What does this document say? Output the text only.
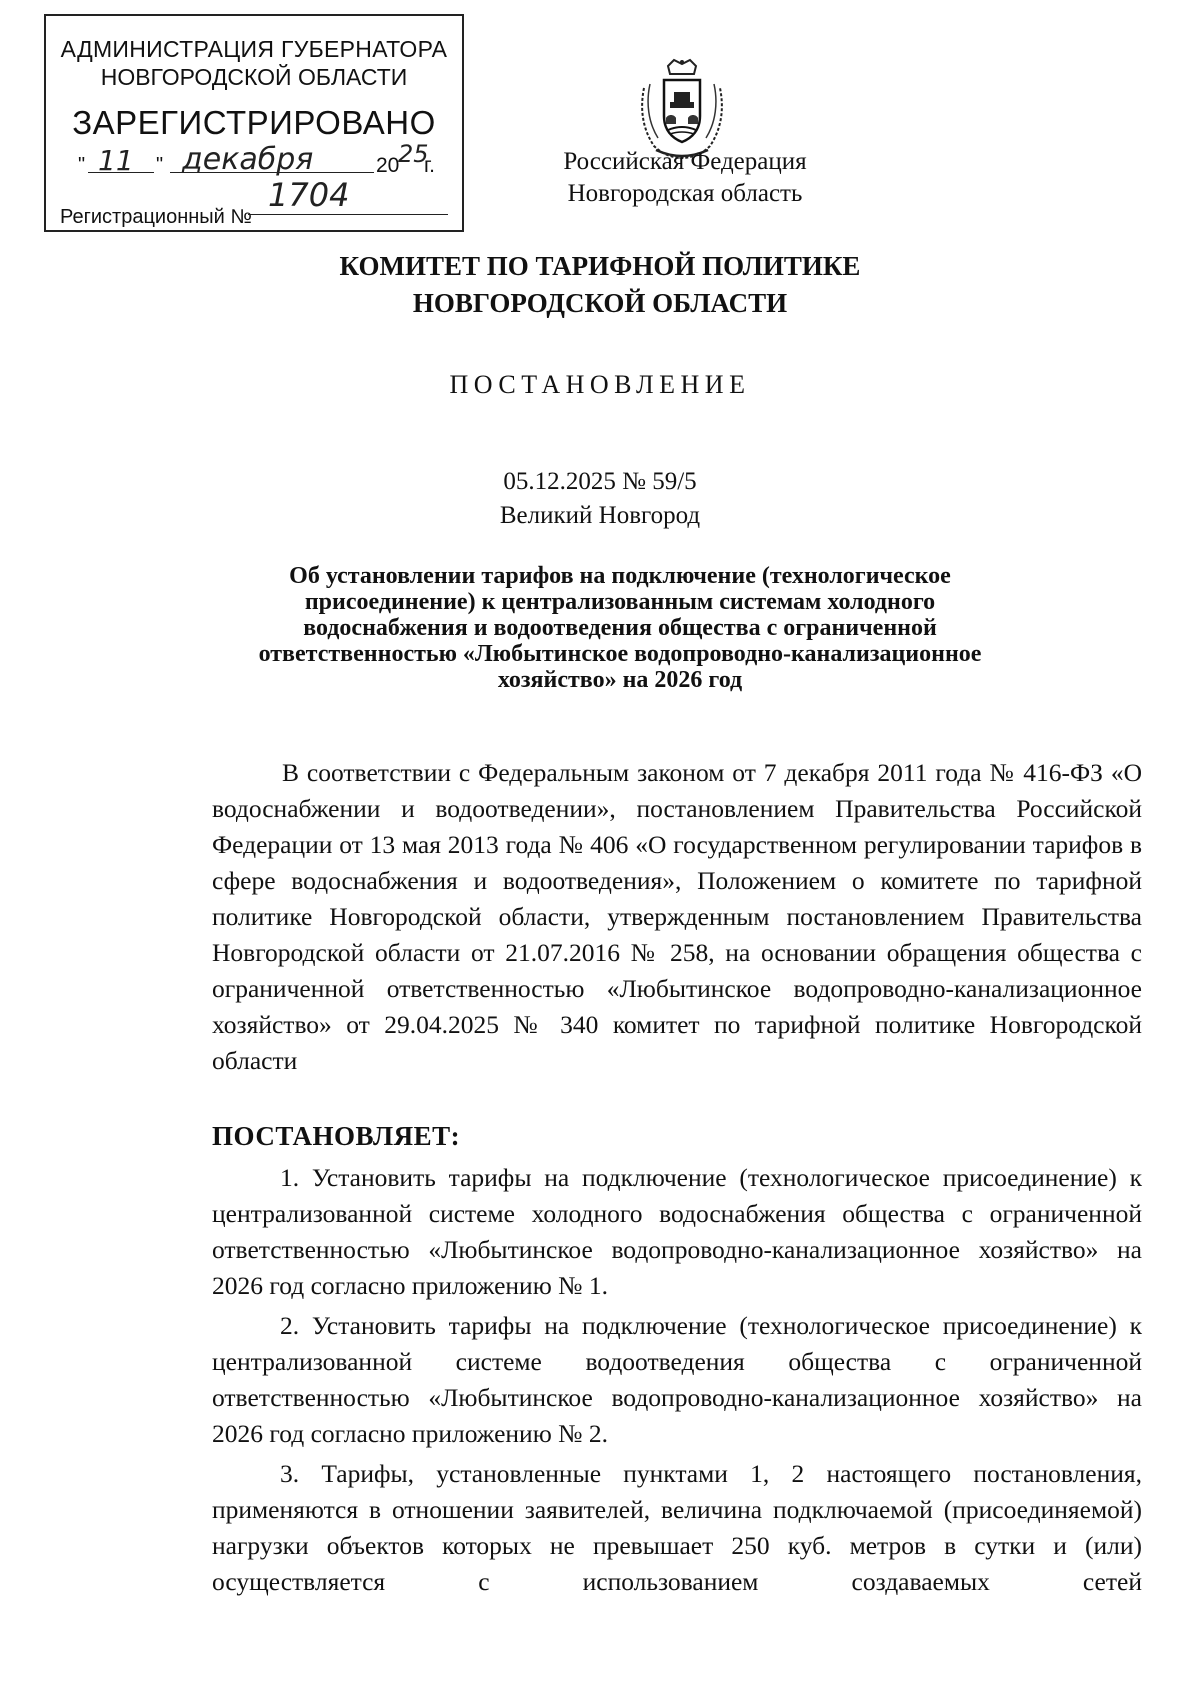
АДМИНИСТРАЦИЯ ГУБЕРНАТОРА
НОВГОРОДСКОЙ ОБЛАСТИ
ЗАРЕГИСТРИРОВАНО
" 11 " декабря	20
25
г.
Регистрационный №
1704
Российская Федерация
Новгородская область
КОМИТЕТ ПО ТАРИФНОЙ ПОЛИТИКЕ НОВГОРОДСКОЙ ОБЛАСТИ
ПОСТАНОВЛЕНИЕ
05.12.2025 № 59/5
Великий Новгород
Об установлении тарифов на подключение (технологическое присоединение) к централизованным системам холодного водоснабжения и водоотведения общества с ограниченной ответственностью «Любытинское водопроводно-канализационное хозяйство» на 2026 год

В соответствии с Федеральным законом от 7 декабря 2011 года № 416-ФЗ «О водоснабжении и водоотведении», постановлением Правительства Российской Федерации от 13 мая 2013 года № 406 «О государственном регулировании тарифов в сфере водоснабжения и водоотведения», Положением о комитете по тарифной политике Новгородской области, утвержденным постановлением Правительства Новгородской области от 21.07.2016 № 258, на основании обращения общества с ограниченной ответственностью «Любытинское водопроводно-канализационное хозяйство» от 29.04.2025 № 340 комитет по тарифной политике Новгородской области

ПОСТАНОВЛЯЕТ:

1. Установить тарифы на подключение (технологическое присоединение) к централизованной системе холодного водоснабжения общества с ограниченной ответственностью «Любытинское водопроводно-канализационное хозяйство» на 2026 год согласно приложению № 1.

2. Установить тарифы на подключение (технологическое присоединение) к централизованной системе водоотведения общества с ограниченной ответственностью «Любытинское водопроводно-канализационное хозяйство» на 2026 год согласно приложению № 2.

3. Тарифы, установленные пунктами 1, 2 настоящего постановления, применяются в отношении заявителей, величина подключаемой (присоединяемой) нагрузки объектов которых не превышает 250 куб. метров в сутки и (или) осуществляется с использованием создаваемых сетей
